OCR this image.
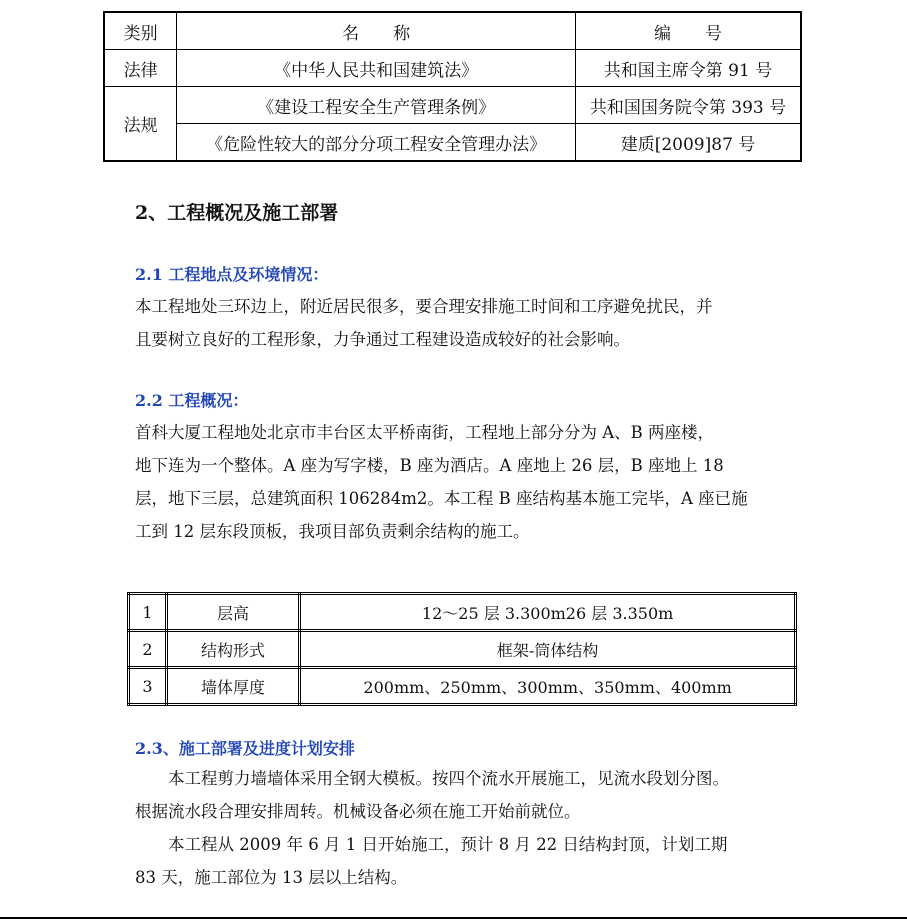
类别	名　　称	编　　号
法律	《中华人民共和国建筑法》	共和国主席令第 91 号
法规	《建设工程安全生产管理条例》	共和国国务院令第 393 号
	《危险性较大的部分分项工程安全管理办法》	建质[2009]87 号
2、工程概况及施工部署
2.1 工程地点及环境情况：
本工程地处三环边上，附近居民很多，要合理安排施工时间和工序避免扰民，并
且要树立良好的工程形象，力争通过工程建设造成较好的社会影响。
2.2 工程概况：
首科大厦工程地处北京市丰台区太平桥南街，工程地上部分分为 A、B 两座楼，
地下连为一个整体。A 座为写字楼，B 座为酒店。A 座地上 26 层，B 座地上 18
层，地下三层，总建筑面积 106284m2。本工程 B 座结构基本施工完毕，A 座已施
工到 12 层东段顶板，我项目部负责剩余结构的施工。
1	层高	12～25 层 3.300m26 层 3.350m
2	结构形式	框架-筒体结构
3	墙体厚度	200mm、250mm、300mm、350mm、400mm
2.3、施工部署及进度计划安排
本工程剪力墙墙体采用全钢大模板。按四个流水开展施工，见流水段划分图。
根据流水段合理安排周转。机械设备必须在施工开始前就位。
本工程从 2009 年 6 月 1 日开始施工，预计 8 月 22 日结构封顶，计划工期
83 天，施工部位为 13 层以上结构。
